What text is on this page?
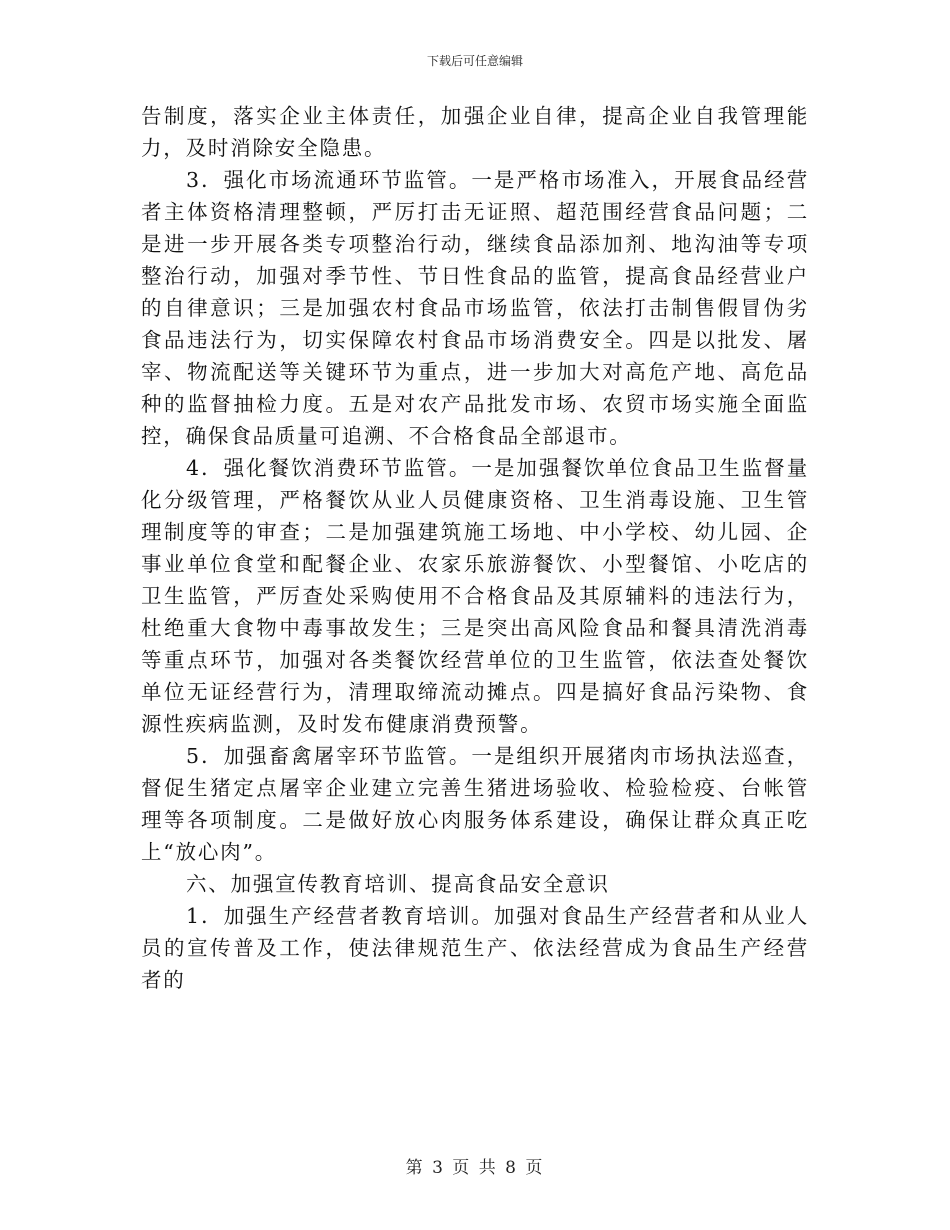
下载后可任意编辑

告制度，落实企业主体责任，加强企业自律，提高企业自我管理能力，及时消除安全隐患。

3．强化市场流通环节监管。一是严格市场准入，开展食品经营者主体资格清理整顿，严厉打击无证照、超范围经营食品问题；二是进一步开展各类专项整治行动，继续食品添加剂、地沟油等专项整治行动，加强对季节性、节日性食品的监管，提高食品经营业户的自律意识；三是加强农村食品市场监管，依法打击制售假冒伪劣食品违法行为，切实保障农村食品市场消费安全。四是以批发、屠宰、物流配送等关键环节为重点，进一步加大对高危产地、高危品种的监督抽检力度。五是对农产品批发市场、农贸市场实施全面监控，确保食品质量可追溯、不合格食品全部退市。

4．强化餐饮消费环节监管。一是加强餐饮单位食品卫生监督量化分级管理，严格餐饮从业人员健康资格、卫生消毒设施、卫生管理制度等的审查；二是加强建筑施工场地、中小学校、幼儿园、企事业单位食堂和配餐企业、农家乐旅游餐饮、小型餐馆、小吃店的卫生监管，严厉查处采购使用不合格食品及其原辅料的违法行为，杜绝重大食物中毒事故发生；三是突出高风险食品和餐具清洗消毒等重点环节，加强对各类餐饮经营单位的卫生监管，依法查处餐饮单位无证经营行为，清理取缔流动摊点。四是搞好食品污染物、食源性疾病监测，及时发布健康消费预警。

5．加强畜禽屠宰环节监管。一是组织开展猪肉市场执法巡查，督促生猪定点屠宰企业建立完善生猪进场验收、检验检疫、台帐管理等各项制度。二是做好放心肉服务体系建设，确保让群众真正吃上“放心肉”。

六、加强宣传教育培训、提高食品安全意识

1．加强生产经营者教育培训。加强对食品生产经营者和从业人员的宣传普及工作，使法律规范生产、依法经营成为食品生产经营者的

第 3 页 共 8 页
